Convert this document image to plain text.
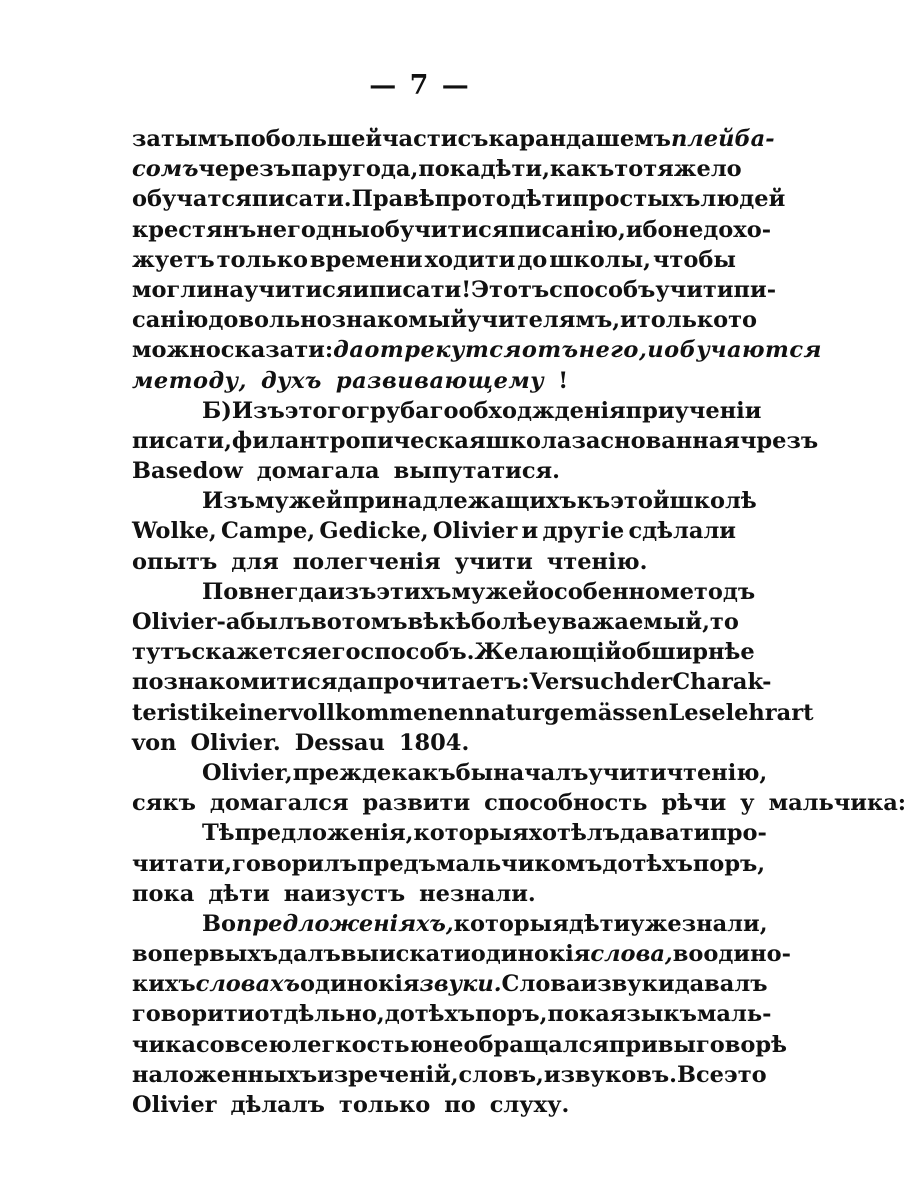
— 7 —
за тымъ по большей части съ карандашемъ плейба-
сомъ черезъ пару года, пока дѣти, какъ то тяжело
обучатся писати. Правѣ прото дѣти простыхъ людей
крестянъ не годны обучитися писанію, ибо недохо-
жуетъ только времени ходити до школы, чтобы
могли научитися и писати! Этотъ способъ учити пи-
санію довольно знакомый учителямъ, и только то
можно сказати : да отрекутся отъ него, и обучаются
методу, духъ развивающему !
Б) Изъ этого грубаго обходжденія при ученіи
писати, филантропическая школа заснованная чрезъ
Basedow домагала выпутатися.
Изъ мужей принадлежащихъ къ этой школѣ
Wolke, Campe, Gedicke, Olivier и другіе сдѣлали
опытъ для полегченія учити чтенію.
Повнегда изъ этихъ мужей особенно методъ
Olivier-а былъ во томъ вѣкѣ болѣе уважаемый, то
тутъ скажется его способъ. Желающій обширнѣе
познакомитися да прочитаетъ: Versuch der Charak-
teristik einer vollkommenen naturgemässen Leselehrart
von Olivier. Dessau 1804.
Olivier, прежде какъ бы началъ учити чтенію,
сякъ домагался развити способность рѣчи у мальчика:
Тѣ предложенія, которыя хотѣлъ давати про-
читати, говорилъ предъ мальчикомъ до тѣхъ поръ,
пока дѣти наизустъ незнали.
Во предложеніяхъ, которыя дѣти уже знали,
во первыхъ далъ выискати одинокія слова, во одино-
кихъ словахъ одинокія звуки. Слова и звуки давалъ
говорити отдѣльно, до тѣхъ поръ, пока языкъ маль-
чика со всею легкостью не обращался при выговорѣ
наложенныхъ изреченій, словъ, и звуковъ. Все это
Olivier дѣлалъ только по слуху.
